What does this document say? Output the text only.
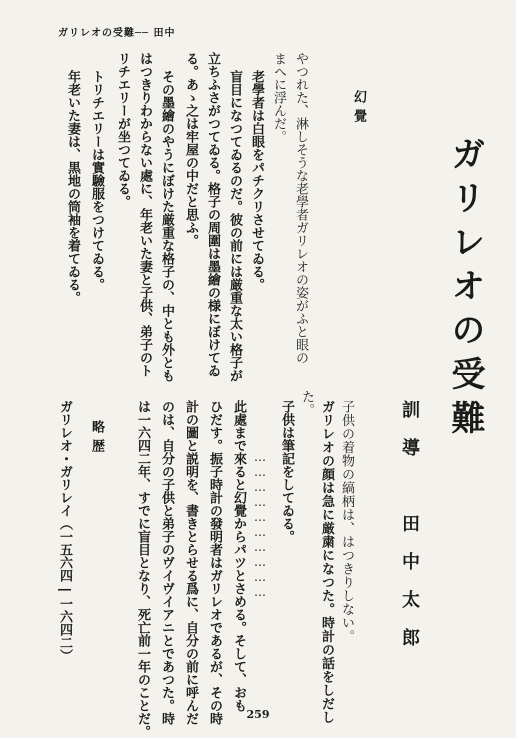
ガリレオの受難── 田中
ガリレオの受難
訓導　田中太郎
子供の着物の縞柄は、はつきりしない。
ガリレオの顔は急に厳粛になつた。時計の話をしだし
た。
子供は筆記をしてゐる。
…………………………
此處まで來ると幻覺からパツとさめる。そして、おも
ひだす。振子時計の發明者はガリレオであるが、その時
計の圖と説明を、書きとらせる爲に、自分の前に呼んだ
のは、自分の子供と弟子のヴイヴイアニとであつた。時
は一六四二年、すでに盲目となり、死亡前一年のことだ。
略歴
ガリレオ・ガリレイ（一五六四―一六四二）
幻覺
やつれた、淋しそうな老學者ガリレオの姿がふと眼の
まへに浮んだ。
老學者は白眼をパチクリさせてゐる。
盲目になつてゐるのだ。彼の前には厳重な太い格子が
立ちふさがつてゐる。格子の周圍は墨繪の様にぼけてゐ
る。あゝ之は牢屋の中だと思ふ。
その墨繪のやうにぼけた厳重な格子の、中とも外とも
はつきりわからない處に、年老いた妻と子供、弟子のト
リチエリーが坐つてゐる。
トリチエリーは實驗服をつけてゐる。
年老いた妻は、黒地の筒袖を着てゐる。
259
